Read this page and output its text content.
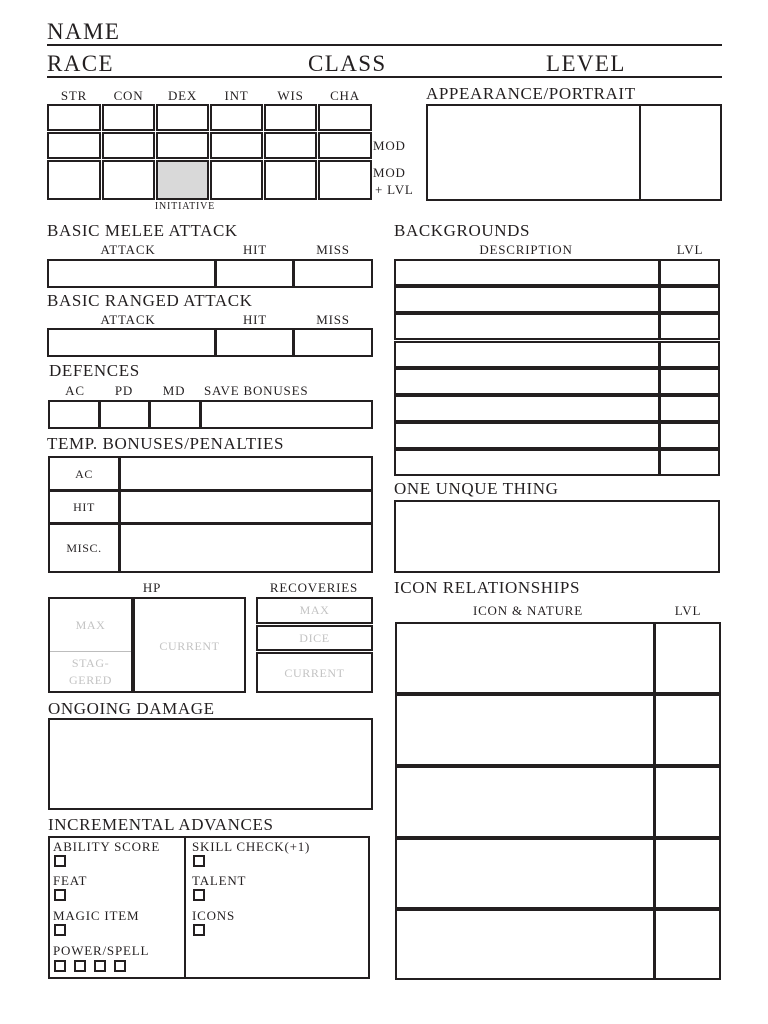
NAME
RACE	CLASS	LEVEL
STR	CON	DEX	INT	WIS	CHA
MOD
MOD
+ LVL
INITIATIVE
APPEARANCE/PORTRAIT
BASIC MELEE ATTACK
ATTACK	HIT	MISS
BASIC RANGED ATTACK
ATTACK	HIT	MISS
DEFENCES
AC	PD	MD	SAVE BONUSES
TEMP. BONUSES/PENALTIES
AC
HIT
MISC.
HP
MAX
STAG-
GERED
CURRENT
RECOVERIES
MAX
DICE
CURRENT
ONGOING DAMAGE
INCREMENTAL ADVANCES
ABILITY SCORE
FEAT
MAGIC ITEM
POWER/SPELL
SKILL CHECK(+1)
TALENT
ICONS
BACKGROUNDS
DESCRIPTION	LVL
ONE UNQUE THING
ICON RELATIONSHIPS
ICON & NATURE	LVL
